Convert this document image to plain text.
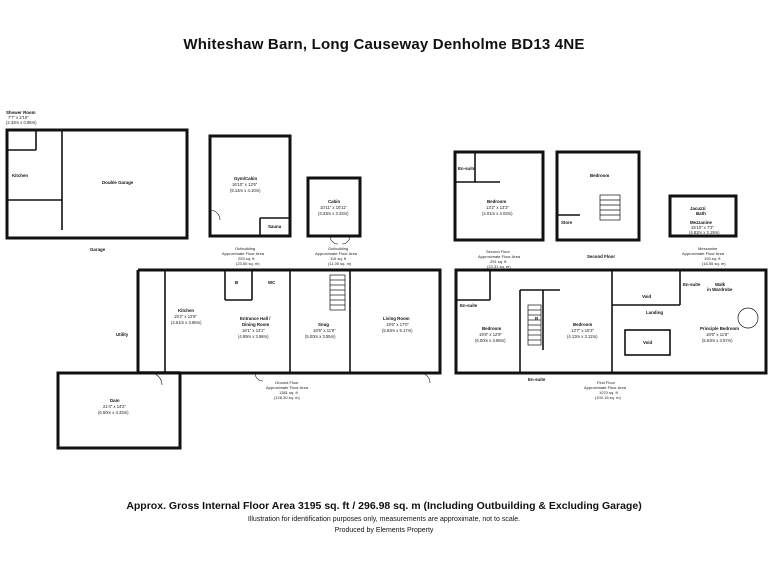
Whiteshaw Barn, Long Causeway Denholme BD13 4NE
Shower Room
7'7" x 2'10"
(2.32m x 0.86m)
Kitchen
Double Garage
Garage
Gym/Cabin
16'10" x 13'6"
(5.14m x 4.10m)
Sauna
Outbuilding
Approximate Floor Area
253 sq. ft
(23.50 sq. m)
Cabin
10'11" x 10'11"
(3.33m x 3.33m)
Outbuilding
Approximate Floor Area
116 sq. ft
(11.00 sq. m)
En-suite
Bedroom
13'2" x 13'3"
(4.01m x 4.03m)
Bedroom
Store
Second Floor
Approximate Floor Area
251 sq. ft
(23.31 sq. m)
Second Floor
Jacuzzi
Bath
Mezzanine
15'10" x 7'2"
(4.82m x 2.19m)
Mezzanine
Approximate Floor Area
193 sq. ft
(16.55 sq. m)
Utility
Kitchen
15'2" x 12'8"
(4.61m x 3.86m)
B	WC
Entrance Hall /
Dining Room
16'1" x 13'1"
(4.89m x 3.98m)
Snug
16'5" x 11'8"
(5.00m x 3.55m)
Living Room
19'6" x 17'0"
(5.93m x 5.17m)
Dam
21'4" x 14'2"
(6.50m x 4.33m)
Ground Floor
Approximate Floor Area
1381 sq. ft
(128.30 sq. m)
En-suite
Bedroom
19'8" x 12'9"
(6.00m x 3.88m)
B
Bedroom
13'7" x 10'3"
(4.13m x 3.12m)
En-suite
Void
En-suite	Walk
in Wardrobe
Landing
Void
Principle Bedroom
18'6" x 11'8"
(5.63m x 3.57m)
First Floor
Approximate Floor Area
1070 sq. ft
(100.18 sq. m)
Approx. Gross Internal Floor Area 3195 sq. ft / 296.98 sq. m (Including Outbuilding & Excluding Garage)
Illustration for identification purposes only, measurements are approximate, not to scale.
Produced by Elements Property
